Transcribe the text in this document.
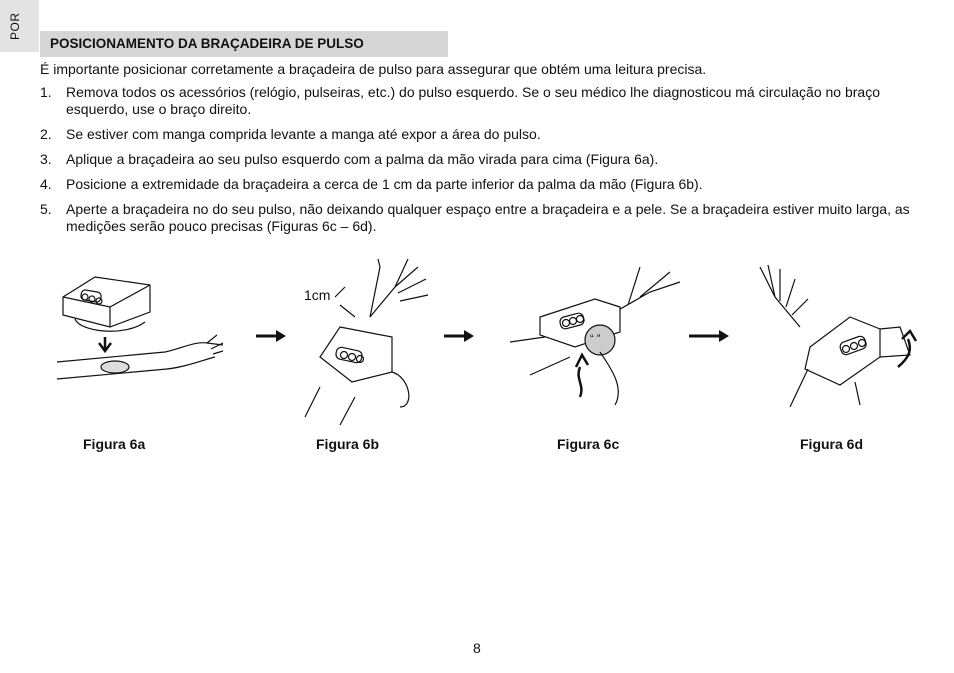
POR
POSICIONAMENTO DA BRAÇADEIRA DE PULSO
É importante posicionar corretamente a braçadeira de pulso para assegurar que obtém uma leitura precisa.
1. Remova todos os acessórios (relógio, pulseiras, etc.) do pulso esquerdo. Se o seu médico lhe diagnosticou má circulação no braço esquerdo, use o braço direito.
2. Se estiver com manga comprida levante a manga até expor a área do pulso.
3. Aplique a braçadeira ao seu pulso esquerdo com a palma da mão virada para cima (Figura 6a).
4. Posicione a extremidade da braçadeira a cerca de 1 cm da parte inferior da palma da mão (Figura 6b).
5. Aperte a braçadeira no do seu pulso, não deixando qualquer espaço entre a braçadeira e a pele. Se a braçadeira estiver muito larga, as medições serão pouco precisas (Figuras 6c – 6d).
Figura 6a
1cm
Figura 6b
“ ”
Figura 6c	Figura 6d
8
